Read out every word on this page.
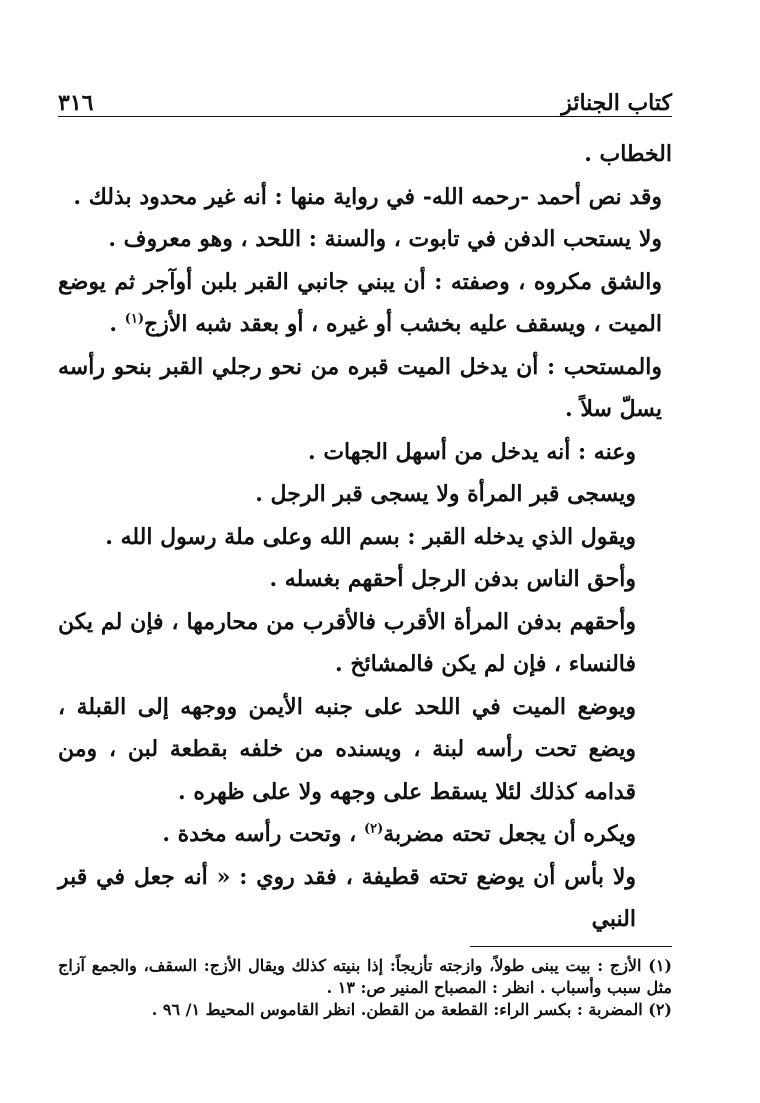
كتاب الجنائز
٣١٦

الخطاب .

وقد نص أحمد -رحمه الله- في رواية منها : أنه غير محدود بذلك .

ولا يستحب الدفن في تابوت ، والسنة : اللحد ، وهو معروف .

والشق مكروه ، وصفته : أن يبني جانبي القبر بلبن أوآجر ثم يوضع الميت ، ويسقف عليه بخشب أو غيره ، أو بعقد شبه الأزج$^{(١)}$ .

والمستحب : أن يدخل الميت قبره من نحو رجلي القبر بنحو رأسه يسلّ سلاً .

وعنه : أنه يدخل من أسهل الجهات .

ويسجى قبر المرأة ولا يسجى قبر الرجل .

ويقول الذي يدخله القبر : بسم الله وعلى ملة رسول الله .

وأحق الناس بدفن الرجل أحقهم بغسله .

وأحقهم بدفن المرأة الأقرب فالأقرب من محارمها ، فإن لم يكن فالنساء ، فإن لم يكن فالمشائخ .

ويوضع الميت في اللحد على جنبه الأيمن ووجهه إلى القبلة ، ويضع تحت رأسه لبنة ، ويسنده من خلفه بقطعة لبن ، ومن قدامه كذلك لئلا يسقط على وجهه ولا على ظهره .

ويكره أن يجعل تحته مضربة$^{(٢)}$ ، وتحت رأسه مخدة .

ولا بأس أن يوضع تحته قطيفة ، فقد روي : « أنه جعل في قبر النبي

(١) الأزج : بيت يبنى طولاً، وازجته تأزيجاً: إذا بنيته كذلك ويقال الأزج: السقف، والجمع آزاج مثل سبب وأسباب . انظر : المصباح المنير ص: ١٣ .

(٢) المضربة : بكسر الراء: القطعة من القطن. انظر القاموس المحيط ١/ ٩٦ .
